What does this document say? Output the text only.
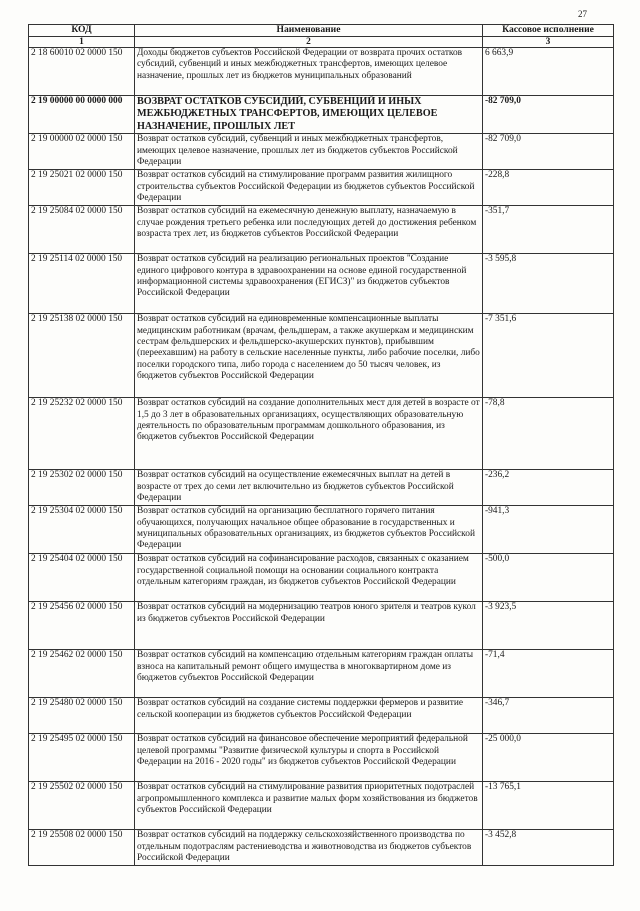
27
КОД	Наименование	Кассовое исполнение
1	2	3
2 18 60010 02 0000 150	Доходы бюджетов субъектов Российской Федерации от возврата прочих остатков субсидий, субвенций и иных межбюджетных трансфертов, имеющих целевое назначение, прошлых лет из бюджетов муниципальных образований	6 663,9
2 19 00000 00 0000 000	ВОЗВРАТ ОСТАТКОВ СУБСИДИЙ, СУБВЕНЦИЙ И ИНЫХ МЕЖБЮДЖЕТНЫХ ТРАНСФЕРТОВ, ИМЕЮЩИХ ЦЕЛЕВОЕ НАЗНАЧЕНИЕ, ПРОШЛЫХ ЛЕТ	-82 709,0
2 19 00000 02 0000 150	Возврат остатков субсидий, субвенций и иных межбюджетных трансфертов, имеющих целевое назначение, прошлых лет из бюджетов субъектов Российской Федерации	-82 709,0
2 19 25021 02 0000 150	Возврат остатков субсидий на стимулирование программ развития жилищного строительства субъектов Российской Федерации из бюджетов субъектов Российской Федерации	-228,8
2 19 25084 02 0000 150	Возврат остатков субсидий на ежемесячную денежную выплату, назначаемую в случае рождения третьего ребенка или последующих детей до достижения ребенком возраста трех лет, из бюджетов субъектов Российской Федерации	-351,7
2 19 25114 02 0000 150	Возврат остатков субсидий на реализацию региональных проектов "Создание единого цифрового контура в здравоохранении на основе единой государственной информационной системы здравоохранения (ЕГИСЗ)" из бюджетов субъектов Российской Федерации	-3 595,8
2 19 25138 02 0000 150	Возврат остатков субсидий на единовременные компенсационные выплаты медицинским работникам (врачам, фельдшерам, а также акушеркам и медицинским сестрам фельдшерских и фельдшерско-акушерских пунктов), прибывшим (переехавшим) на работу в сельские населенные пункты, либо рабочие поселки, либо поселки городского типа, либо города с населением до 50 тысяч человек, из бюджетов субъектов Российской Федерации	-7 351,6
2 19 25232 02 0000 150	Возврат остатков субсидий на создание дополнительных мест для детей в возрасте от 1,5 до 3 лет в образовательных организациях, осуществляющих образовательную деятельность по образовательным программам дошкольного образования, из бюджетов субъектов Российской Федерации	-78,8
2 19 25302 02 0000 150	Возврат остатков субсидий на осуществление ежемесячных выплат на детей в возрасте от трех до семи лет включительно из бюджетов субъектов Российской Федерации	-236,2
2 19 25304 02 0000 150	Возврат остатков субсидий на организацию бесплатного горячего питания обучающихся, получающих начальное общее образование в государственных и муниципальных образовательных организациях, из бюджетов субъектов Российской Федерации	-941,3
2 19 25404 02 0000 150	Возврат остатков субсидий на софинансирование расходов, связанных с оказанием государственной социальной помощи на основании социального контракта отдельным категориям граждан, из бюджетов субъектов Российской Федерации	-500,0
2 19 25456 02 0000 150	Возврат остатков субсидий на модернизацию театров юного зрителя и театров кукол из бюджетов субъектов Российской Федерации	-3 923,5
2 19 25462 02 0000 150	Возврат остатков субсидий на компенсацию отдельным категориям граждан оплаты взноса на капитальный ремонт общего имущества в многоквартирном доме из бюджетов субъектов Российской Федерации	-71,4
2 19 25480 02 0000 150	Возврат остатков субсидий на создание системы поддержки фермеров и развитие сельской кооперации из бюджетов субъектов Российской Федерации	-346,7
2 19 25495 02 0000 150	Возврат остатков субсидий на финансовое обеспечение мероприятий федеральной целевой программы "Развитие физической культуры и спорта в Российской Федерации на 2016 - 2020 годы" из бюджетов субъектов Российской Федерации	-25 000,0
2 19 25502 02 0000 150	Возврат остатков субсидий на стимулирование развития приоритетных подотраслей агропромышленного комплекса и развитие малых форм хозяйствования из бюджетов субъектов Российской Федерации	-13 765,1
2 19 25508 02 0000 150	Возврат остатков субсидий на поддержку сельскохозяйственного производства по отдельным подотраслям растениеводства и животноводства из бюджетов субъектов Российской Федерации	-3 452,8
